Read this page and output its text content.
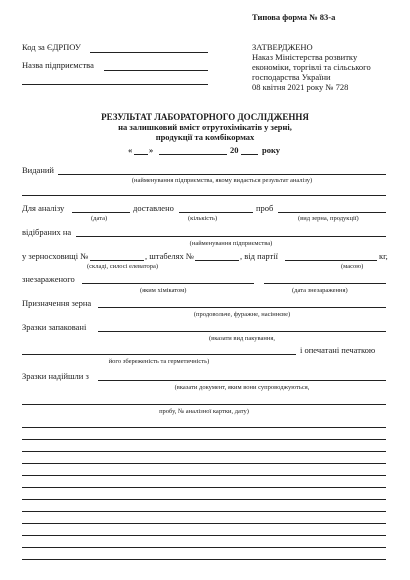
Типова форма № 83-а
Код за ЄДРПОУ
Назва підприємства
ЗАТВЕРДЖЕНО
Наказ Міністерства розвитку
економіки, торгівлі та сільського
господарства України
08 квітня 2021 року № 728
РЕЗУЛЬТАТ ЛАБОРАТОРНОГО ДОСЛІДЖЕННЯ
на залишковий вміст отрутохімікатів у зерні,
продукції та комбікормах
« »	20	року
Виданий
(найменування підприємства, якому видається результат аналізу)
Для аналізу	доставлено	проб
(дата)	(кількість)	(вид зерна, продукції)
відібраних на
(найменування підприємства)
у зерносховищі №	, штабелях №	, від партії	кг,
(складі, силосі елеватора)	(масою)
знезараженого
(яким хімікатом)	(дата знезараження)
Призначення зерна
(продовольче, фуражне, насіннєве)
Зразки запаковані
(вказати вид пакування,
і опечатані печаткою
його збереженість та герметичність)
Зразки надійшли з
(вказати документ, яким вони супроводжуються,
пробу, № аналізної картки, дату)
